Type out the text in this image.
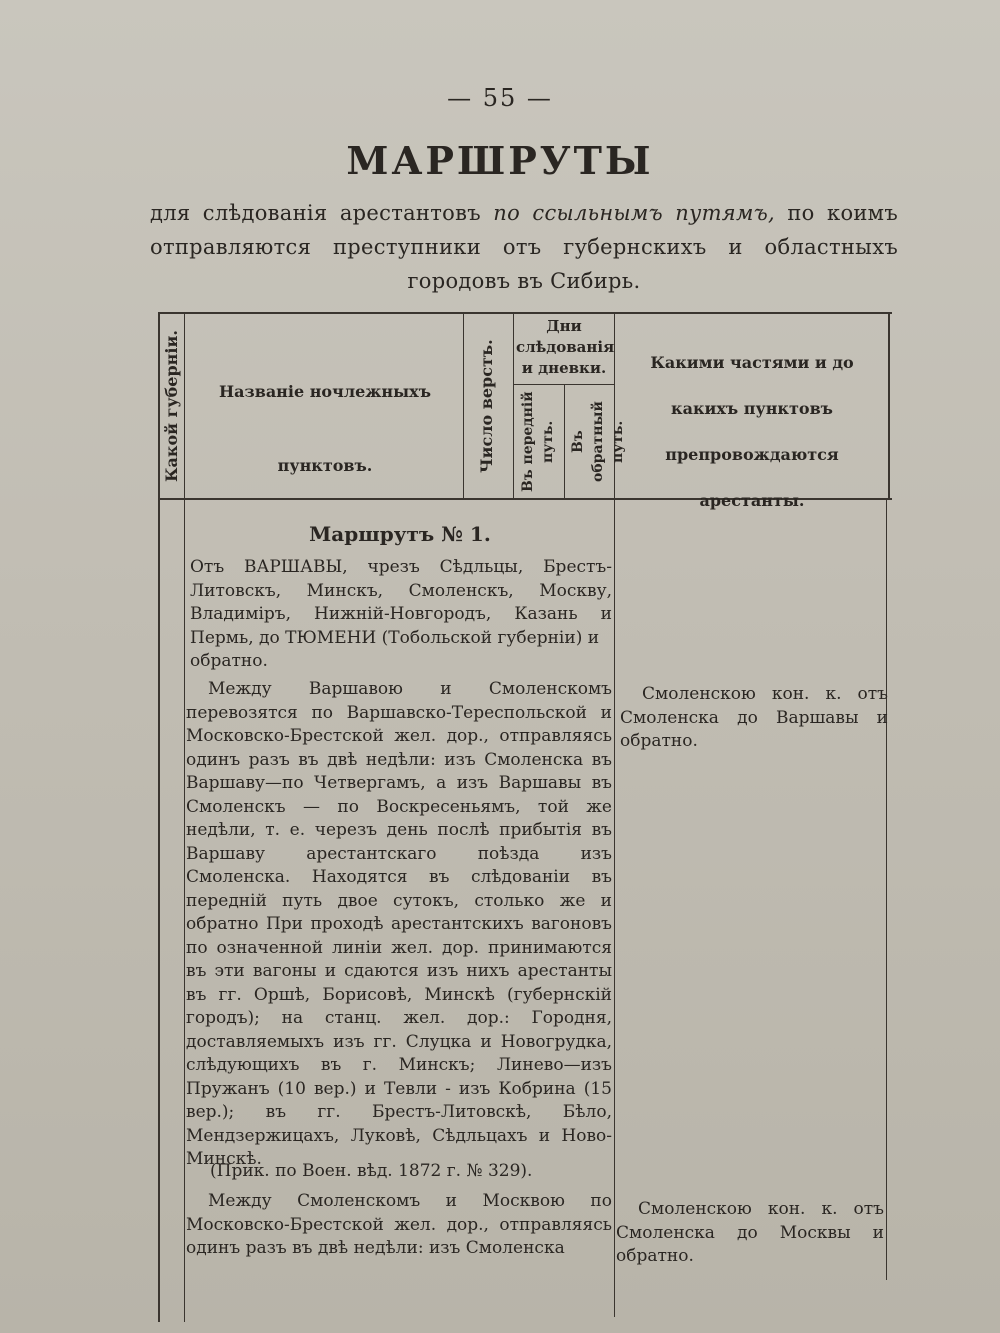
— 55 —
МАРШРУТЫ
для слѣдованія арестантовъ по ссыльнымъ путямъ, по коимъ отправляются преступники отъ губернскихъ и областныхъ городовъ въ Сибирь.
Какой губерніи.	Названіе ночлежныхъ пунктовъ.	Число верстъ.
Дни слѣдованія и дневки.
Въ передній путь. Въ обратный путь.
Какими частями и до какихъ пунктовъ препровождаются арестанты.
Маршрутъ № 1.
Отъ ВАРШАВЫ, чрезъ Сѣдльцы, Брестъ-Литовскъ, Минскъ, Смоленскъ, Москву, Владиміръ, Нижній-Новгородъ, Казань и Пермь, до ТЮМЕНИ (Тобольской губерніи) и
обратно.
Между Варшавою и Смоленскомъ перевозятся по Варшавско-Тереспольской и Московско-Брестской жел. дор., отправляясь одинъ разъ въ двѣ недѣли: изъ Смоленска въ Варшаву—по Четвергамъ, а изъ Варшавы въ Смоленскъ — по Воскресеньямъ, той же недѣли, т. е. черезъ день послѣ прибытія въ Варшаву арестантскаго поѣзда изъ Смоленска. Находятся въ слѣдованіи въ передній путь двое сутокъ, столько же и обратно При проходѣ арестантскихъ вагоновъ по означенной линіи жел. дор. принимаются въ эти вагоны и сдаются изъ нихъ арестанты въ гг. Оршѣ, Борисовѣ, Минскѣ (губернскій городъ); на станц. жел. дор.: Городня, доставляемыхъ изъ гг. Слуцка и Новогрудка, слѣдующихъ въ г. Минскъ; Линево—изъ Пружанъ (10 вер.) и Тевли - изъ Кобрина (15 вер.); въ гг. Брестъ-Литовскѣ, Бѣло, Мендзержицахъ, Луковѣ, Сѣдльцахъ и Ново-Минскѣ.
(Прик. по Воен. вѣд. 1872 г. № 329).
Между Смоленскомъ и Москвою по Московско-Брестской жел. дор., отправляясь одинъ разъ въ двѣ недѣли: изъ Смоленска
Смоленскою кон. к. отъ Смоленска до Варшавы и обратно.
Смоленскою кон. к. отъ Смоленска до Москвы и обратно.
